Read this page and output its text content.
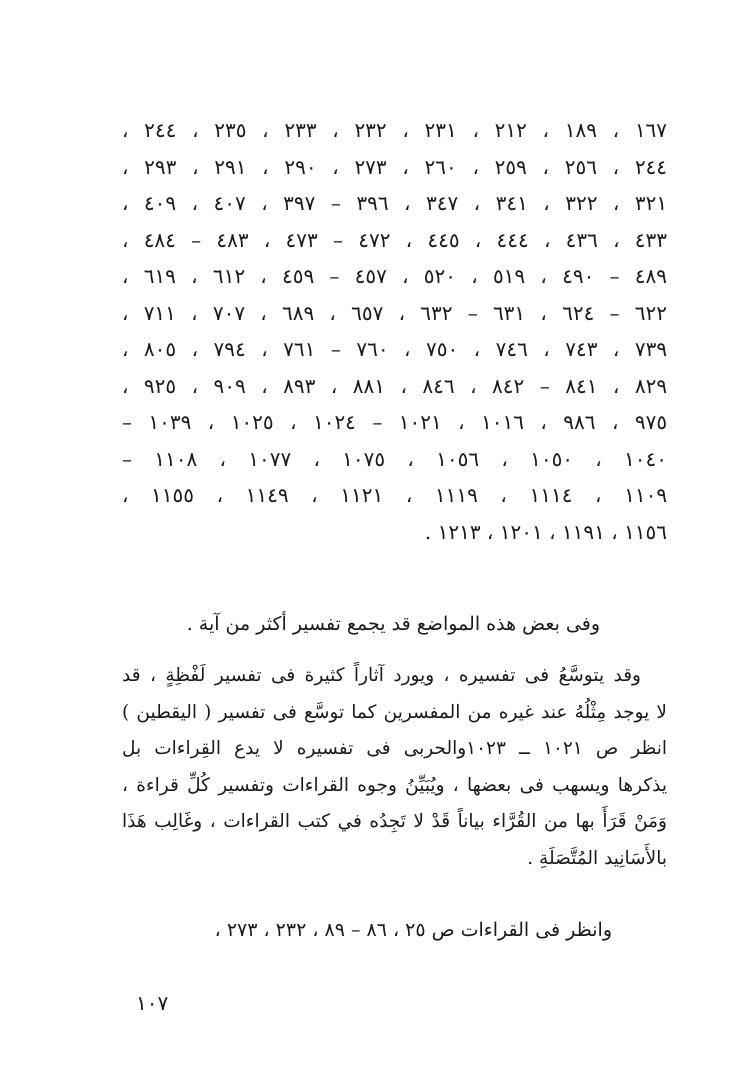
١٦٧ ، ١٨٩ ، ٢١٢ ، ٢٣١ ، ٢٣٢ ، ٢٣٣ ، ٢٣٥ ، ٢٤٤ ،
٢٤٤ ، ٢٥٦ ، ٢٥٩ ، ٢٦٠ ، ٢٧٣ ، ٢٩٠ ، ٢٩١ ، ٢٩٣ ،
٣٢١ ، ٣٢٢ ، ٣٤١ ، ٣٤٧ ، ٣٩٦ – ٣٩٧ ، ٤٠٧ ، ٤٠٩ ،
٤٣٣ ، ٤٣٦ ، ٤٤٤ ، ٤٤٥ ، ٤٧٢ – ٤٧٣ ، ٤٨٣ – ٤٨٤ ،
٤٨٩ – ٤٩٠ ، ٥١٩ ، ٥٢٠ ، ٤٥٧ – ٤٥٩ ، ٦١٢ ، ٦١٩ ،
٦٢٢ – ٦٢٤ ، ٦٣١ – ٦٣٢ ، ٦٥٧ ، ٦٨٩ ، ٧٠٧ ، ٧١١ ،
٧٣٩ ، ٧٤٣ ، ٧٤٦ ، ٧٥٠ ، ٧٦٠ – ٧٦١ ، ٧٩٤ ، ٨٠٥ ،
٨٢٩ ، ٨٤١ – ٨٤٢ ، ٨٤٦ ، ٨٨١ ، ٨٩٣ ، ٩٠٩ ، ٩٢٥ ،
٩٧٥ ، ٩٨٦ ، ١٠١٦ ، ١٠٢١ – ١٠٢٤ ، ١٠٢٥ ، ١٠٣٩ –
١٠٤٠ ، ١٠٥٠ ، ١٠٥٦ ، ١٠٧٥ ، ١٠٧٧ ، ١١٠٨ –
١١٠٩ ، ١١١٤ ، ١١١٩ ، ١١٢١ ، ١١٤٩ ، ١١٥٥ ،
١١٥٦ ، ١١٩١ ، ١٢٠١ ، ١٢١٣ .
وفى بعض هذه المواضع قد يجمع تفسير أكثر من آية .
وقد يتوسَّعُ فى تفسيره ، ويورد آثاراً كثيرة فى تفسير لَفْظِةٍ ، قد
لا يوجد مِثْلُهُ عند غيره من المفسرين كما توسَّع فى تفسير ( اليقطين )
انظر ص ١٠٢١ ــ ١٠٢٣والحربى فى تفسيره لا يدع القِراءات بل
يذكرها ويسهب فى بعضها ، ويُبَيِّنُ وجوه القراءات وتفسير كُلِّ قراءة ،
وَمَنْ قَرَأَ بها من القُرَّاء بياناً قَدْ لا تَجِدُه في كتب القراءات ، وغَالِب هَذَا
بالأَسَانِيد المُتَّصَلَةِ .
وانظر فى القراءات ص ٢٥ ، ٨٦ – ٨٩ ، ٢٣٢ ، ٢٧٣ ،
١٠٧
